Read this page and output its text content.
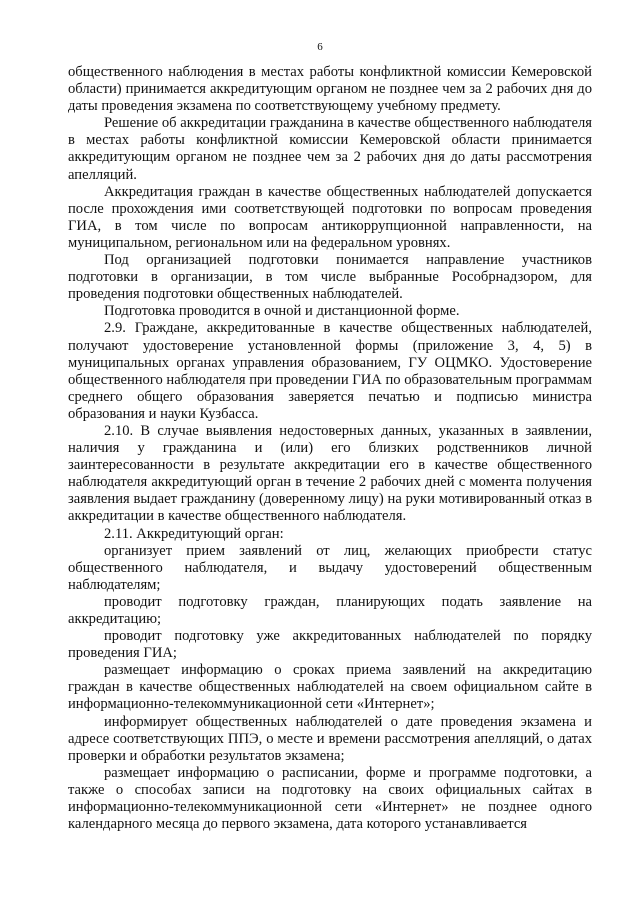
6

общественного наблюдения в местах работы конфликтной комиссии Кемеровской области) принимается аккредитующим органом не позднее чем за 2 рабочих дня до даты проведения экзамена по соответствующему учебному предмету.

Решение об аккредитации гражданина в качестве общественного наблюдателя в местах работы конфликтной комиссии Кемеровской области принимается аккредитующим органом не позднее чем за 2 рабочих дня до даты рассмотрения апелляций.

Аккредитация граждан в качестве общественных наблюдателей допускается после прохождения ими соответствующей подготовки по вопросам проведения ГИА, в том числе по вопросам антикоррупционной направленности, на муниципальном, региональном или на федеральном уровнях.

Под организацией подготовки понимается направление участников подготовки в организации, в том числе выбранные Рособрнадзором, для проведения подготовки общественных наблюдателей.

Подготовка проводится в очной и дистанционной форме.

2.9. Граждане, аккредитованные в качестве общественных наблюдателей, получают удостоверение установленной формы (приложение 3, 4, 5) в муниципальных органах управления образованием, ГУ ОЦМКО. Удостоверение общественного наблюдателя при проведении ГИА по образовательным программам среднего общего образования заверяется печатью и подписью министра образования и науки Кузбасса.

2.10. В случае выявления недостоверных данных, указанных в заявлении, наличия у гражданина и (или) его близких родственников личной заинтересованности в результате аккредитации его в качестве общественного наблюдателя аккредитующий орган в течение 2 рабочих дней с момента получения заявления выдает гражданину (доверенному лицу) на руки мотивированный отказ в аккредитации в качестве общественного наблюдателя.

2.11. Аккредитующий орган:

организует прием заявлений от лиц, желающих приобрести статус общественного наблюдателя, и выдачу удостоверений общественным наблюдателям;

проводит подготовку граждан, планирующих подать заявление на аккредитацию;

проводит подготовку уже аккредитованных наблюдателей по порядку проведения ГИА;

размещает информацию о сроках приема заявлений на аккредитацию граждан в качестве общественных наблюдателей на своем официальном сайте в информационно-телекоммуникационной сети «Интернет»;

информирует общественных наблюдателей о дате проведения экзамена и адресе соответствующих ППЭ, о месте и времени рассмотрения апелляций, о датах проверки и обработки результатов экзамена;

размещает информацию о расписании, форме и программе подготовки, а также о способах записи на подготовку на своих официальных сайтах в информационно-телекоммуникационной сети «Интернет» не позднее одного календарного месяца до первого экзамена, дата которого устанавливается
